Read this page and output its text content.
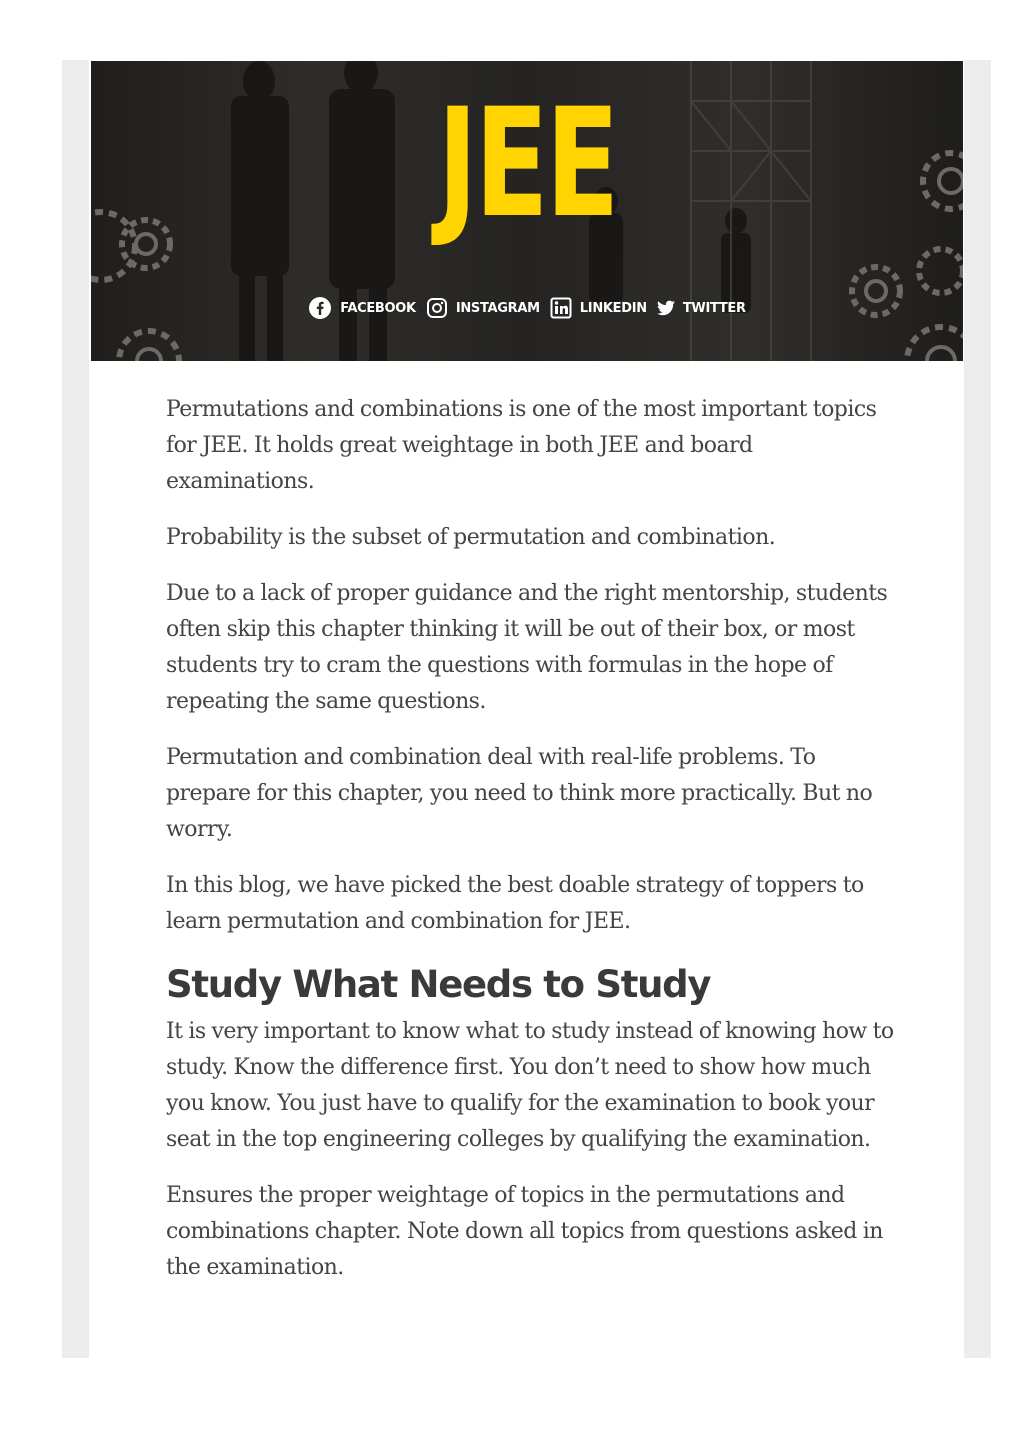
JEE
FACEBOOK	INSTAGRAM	LINKEDIN	TWITTER

Permutations and combinations is one of the most important topics for JEE. It holds great weightage in both JEE and board examinations.

Probability is the subset of permutation and combination.

Due to a lack of proper guidance and the right mentorship, students often skip this chapter thinking it will be out of their box, or most students try to cram the questions with formulas in the hope of repeating the same questions.

Permutation and combination deal with real-life problems. To prepare for this chapter, you need to think more practically. But no worry.

In this blog, we have picked the best doable strategy of toppers to learn permutation and combination for JEE.

Study What Needs to Study

It is very important to know what to study instead of knowing how to study. Know the difference first. You don’t need to show how much you know. You just have to qualify for the examination to book your seat in the top engineering colleges by qualifying the examination.

Ensures the proper weightage of topics in the permutations and combinations chapter. Note down all topics from questions asked in the examination.
